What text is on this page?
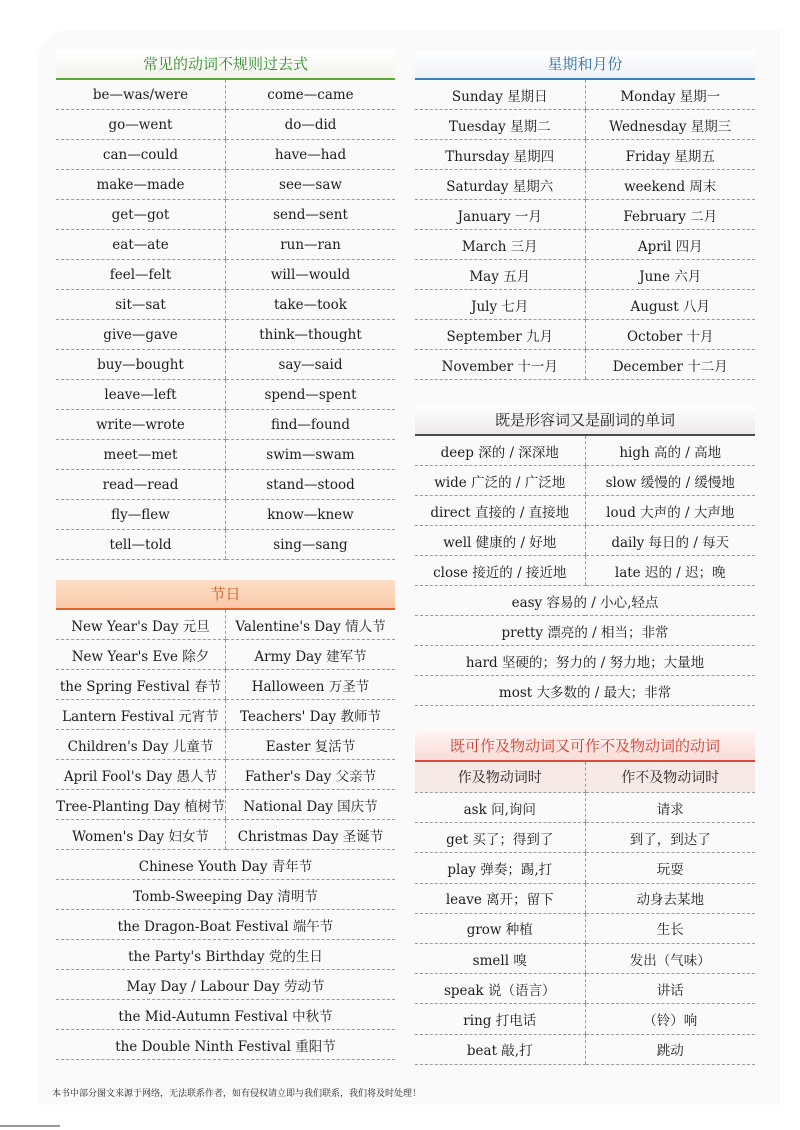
常见的动词不规则过去式
be—was/were	come—came
go—went	do—did
can—could	have—had
make—made	see—saw
get—got	send—sent
eat—ate	run—ran
feel—felt	will—would
sit—sat	take—took
give—gave	think—thought
buy—bought	say—said
leave—left	spend—spent
write—wrote	find—found
meet—met	swim—swam
read—read	stand—stood
fly—flew	know—knew
tell—told	sing—sang
节日
New Year's Day 元旦	Valentine's Day 情人节
New Year's Eve 除夕	Army Day 建军节
the Spring Festival 春节	Halloween 万圣节
Lantern Festival 元宵节	Teachers' Day 教师节
Children's Day 儿童节	Easter 复活节
April Fool's Day 愚人节	Father's Day 父亲节
Tree-Planting Day 植树节	National Day 国庆节
Women's Day 妇女节	Christmas Day 圣诞节
Chinese Youth Day 青年节	
Tomb-Sweeping Day 清明节	
the Dragon-Boat Festival 端午节	
the Party's Birthday 党的生日	
May Day / Labour Day 劳动节	
the Mid-Autumn Festival 中秋节	
the Double Ninth Festival 重阳节	
星期和月份
Sunday 星期日	Monday 星期一
Tuesday 星期二	Wednesday 星期三
Thursday 星期四	Friday 星期五
Saturday 星期六	weekend 周末
January 一月	February 二月
March 三月	April 四月
May 五月	June 六月
July 七月	August 八月
September 九月	October 十月
November 十一月	December 十二月
既是形容词又是副词的单词
deep 深的 / 深深地	high 高的 / 高地
wide 广泛的 / 广泛地	slow 缓慢的 / 缓慢地
direct 直接的 / 直接地	loud 大声的 / 大声地
well 健康的 / 好地	daily 每日的 / 每天
close 接近的 / 接近地	late 迟的 / 迟；晚
easy 容易的 / 小心,轻点	
pretty 漂亮的 / 相当；非常	
hard 坚硬的；努力的 / 努力地；大量地	
most 大多数的 / 最大；非常	
既可作及物动词又可作不及物动词的动词
作及物动词时	作不及物动词时
ask 问,询问	请求
get 买了；得到了	到了，到达了
play 弹奏；踢,打	玩耍
leave 离开；留下	动身去某地
grow 种植	生长
smell 嗅	发出（气味）
speak 说（语言）	讲话
ring 打电话	（铃）响
beat 敲,打	跳动
本书中部分图文来源于网络，无法联系作者，如有侵权请立即与我们联系，我们将及时处理！
